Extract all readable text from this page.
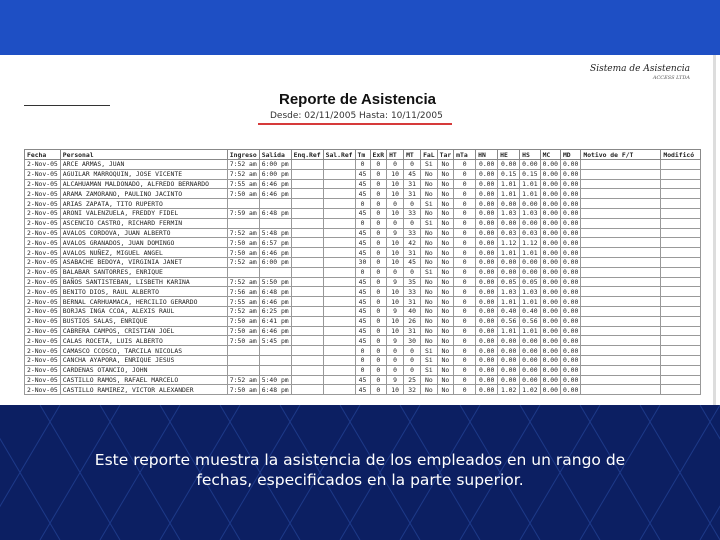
Sistema de Asistencia
ACCESS LTDA
Reporte de Asistencia
Desde: 02/11/2005 Hasta: 10/11/2005
Fecha	Personal	Ingreso	Salida	Enq.Ref	Sal.Ref	Tm	ExR	HT	MT	FaL	Tar	mTa	HN	HE	HS	MC	MD	Motivo de F/T	Modificó
2-Nov-05	ARCE ARMAS, JUAN	7:52 am	6:00 pm			0	0	0	0	Si	No	0	0.00	0.00	0.00	0.00	0.00		
2-Nov-05	AGUILAR MARROQUIN, JOSE VICENTE	7:52 am	6:00 pm			45	0	10	45	No	No	0	0.00	0.15	0.15	0.00	0.00		
2-Nov-05	ALCAHUAMAN MALDONADO, ALFREDO BERNARDO	7:55 am	6:46 pm			45	0	10	31	No	No	0	0.00	1.01	1.01	0.00	0.00		
2-Nov-05	ARAMA ZAMORANO, PAULINO JACINTO	7:50 am	6:46 pm			45	0	10	31	No	No	0	0.00	1.01	1.01	0.00	0.00		
2-Nov-05	ARIAS ZAPATA, TITO RUPERTO					0	0	0	0	Si	No	0	0.00	0.00	0.00	0.00	0.00		
2-Nov-05	ARONI VALENZUELA, FREDDY FIDEL	7:59 am	6:48 pm			45	0	10	33	No	No	0	0.00	1.03	1.03	0.00	0.00		
2-Nov-05	ASCENCIO CASTRO, RICHARD FERMIN					0	0	0	0	Si	No	0	0.00	0.00	0.00	0.00	0.00		
2-Nov-05	AVALOS CORDOVA, JUAN ALBERTO	7:52 am	5:48 pm			45	0	9	33	No	No	0	0.00	0.03	0.03	0.00	0.00		
2-Nov-05	AVALOS GRANADOS, JUAN DOMINGO	7:50 am	6:57 pm			45	0	10	42	No	No	0	0.00	1.12	1.12	0.00	0.00		
2-Nov-05	AVALOS NUÑEZ, MIGUEL ANGEL	7:50 am	6:46 pm			45	0	10	31	No	No	0	0.00	1.01	1.01	0.00	0.00		
2-Nov-05	ASABACHE BEDOYA, VIRGINIA JANET	7:52 am	6:00 pm			30	0	10	45	No	No	0	0.00	0.00	0.00	0.00	0.00		
2-Nov-05	BALABAR SANTORRES, ENRIQUE					0	0	0	0	Si	No	0	0.00	0.00	0.00	0.00	0.00		
2-Nov-05	BAÑOS SANTISTEBAN, LISBETH KARINA	7:52 am	5:50 pm			45	0	9	35	No	No	0	0.00	0.05	0.05	0.00	0.00		
2-Nov-05	BENITO DIOS, RAUL ALBERTO	7:56 am	6:48 pm			45	0	10	33	No	No	0	0.00	1.03	1.03	0.00	0.00		
2-Nov-05	BERNAL CARHUAMACA, HERCILIO GERARDO	7:55 am	6:46 pm			45	0	10	31	No	No	0	0.00	1.01	1.01	0.00	0.00		
2-Nov-05	BORJAS INGA CCOA, ALEXIS RAUL	7:52 am	6:25 pm			45	0	9	40	No	No	0	0.00	0.40	0.40	0.00	0.00		
2-Nov-05	BUSTIOS SALAS, ENRIQUE	7:50 am	6:41 pm			45	0	10	26	No	No	0	0.00	0.56	0.56	0.00	0.00		
2-Nov-05	CABRERA CAMPOS, CRISTIAN JOEL	7:50 am	6:46 pm			45	0	10	31	No	No	0	0.00	1.01	1.01	0.00	0.00		
2-Nov-05	CALAS ROCETA, LUIS ALBERTO	7:50 am	5:45 pm			45	0	9	30	No	No	0	0.00	0.00	0.00	0.00	0.00		
2-Nov-05	CAMASCO CCOSCO, TARCILA NICOLAS					0	0	0	0	Si	No	0	0.00	0.00	0.00	0.00	0.00		
2-Nov-05	CANCHA AYAPORA, ENRIQUE JESUS					0	0	0	0	Si	No	0	0.00	0.00	0.00	0.00	0.00		
2-Nov-05	CARDENAS OTANCIO, JOHN					0	0	0	0	Si	No	0	0.00	0.00	0.00	0.00	0.00		
2-Nov-05	CASTILLO RAMOS, RAFAEL MARCELO	7:52 am	5:40 pm			45	0	9	25	No	No	0	0.00	0.00	0.00	0.00	0.00		
2-Nov-05	CASTILLO RAMIREZ, VICTOR ALEXANDER	7:50 am	6:48 pm			45	0	10	32	No	No	0	0.00	1.02	1.02	0.00	0.00		
Este reporte muestra la asistencia de los empleados en un rango de
fechas, especificados en la parte superior.
